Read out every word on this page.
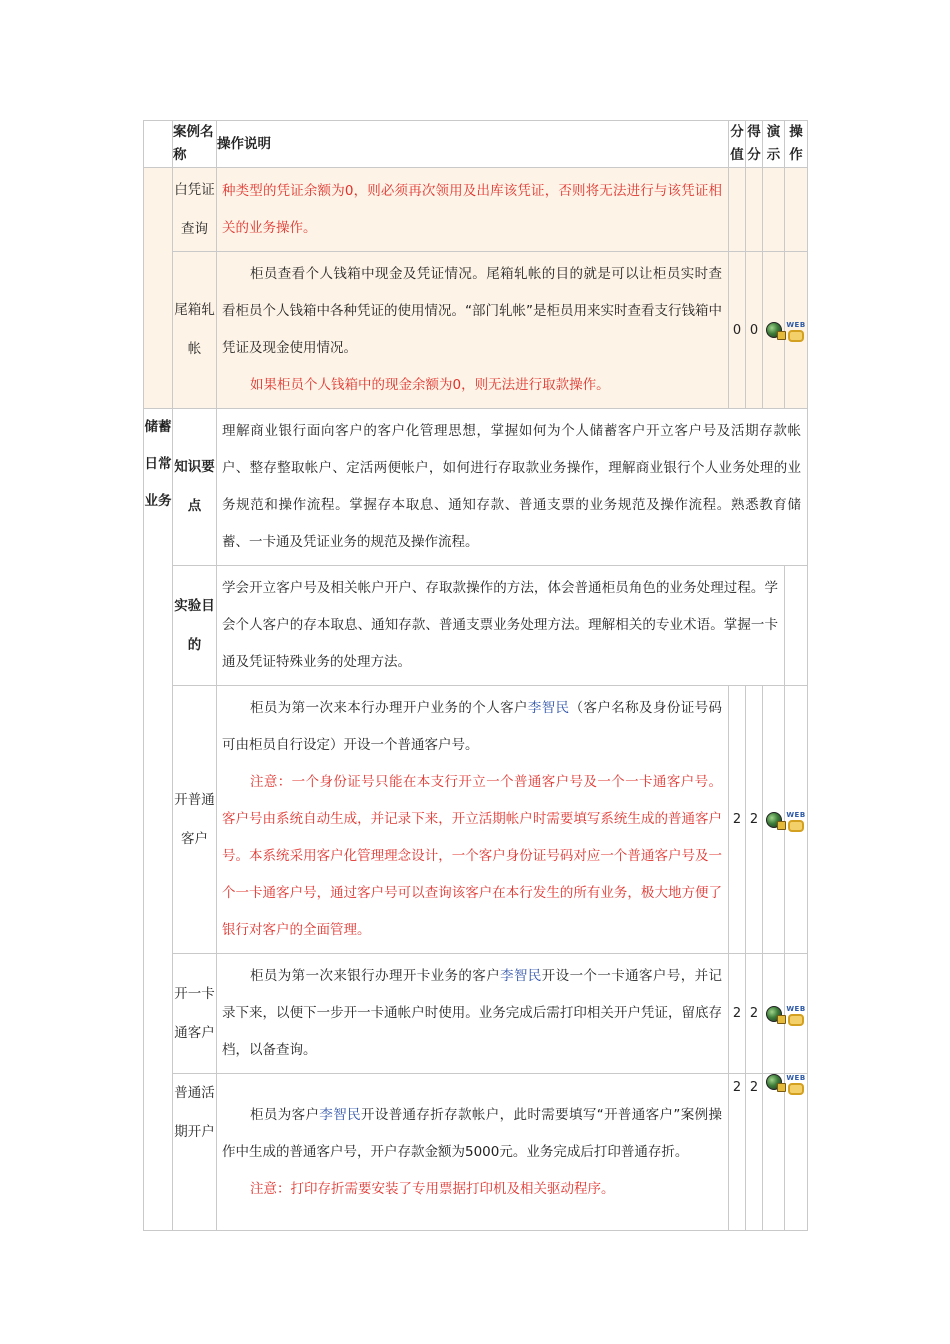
	案例名称	操作说明	分值	得分	演示	操作
	白凭证查询	种类型的凭证余额为0，则必须再次领用及出库该凭证，否则将无法进行与该凭证相关的业务操作。				

	尾箱轧帐	柜员查看个人钱箱中现金及凭证情况。尾箱轧帐的目的就是可以让柜员实时查看柜员个人钱箱中各种凭证的使用情况。“部门轧帐”是柜员用来实时查看支行钱箱中凭证及现金使用情况。

如果柜员个人钱箱中的现金余额为0，则无法进行取款操作。	0	0		WEB

储蓄日常业务	知识要点	理解商业银行面向客户的客户化管理思想，掌握如何为个人储蓄客户开立客户号及活期存款帐户、整存整取帐户、定活两便帐户，如何进行存取款业务操作，理解商业银行个人业务处理的业务规范和操作流程。掌握存本取息、通知存款、普通支票的业务规范及操作流程。熟悉教育储蓄、一卡通及凭证业务的规范及操作流程。				

	实验目的	学会开立客户号及相关帐户开户、存取款操作的方法，体会普通柜员角色的业务处理过程。学会个人客户的存本取息、通知存款、普通支票业务处理方法。理解相关的专业术语。掌握一卡通及凭证特殊业务的处理方法。				

	开普通客户	柜员为第一次来本行办理开户业务的个人客户李智民（客户名称及身份证号码可由柜员自行设定）开设一个普通客户号。

注意：一个身份证号只能在本支行开立一个普通客户号及一个一卡通客户号。客户号由系统自动生成，并记录下来，开立活期帐户时需要填写系统生成的普通客户号。本系统采用客户化管理理念设计，一个客户身份证号码对应一个普通客户号及一个一卡通客户号，通过客户号可以查询该客户在本行发生的所有业务，极大地方便了银行对客户的全面管理。	2	2		WEB

	开一卡通客户	柜员为第一次来银行办理开卡业务的客户李智民开设一个一卡通客户号，并记录下来，以便下一步开一卡通帐户时使用。业务完成后需打印相关开户凭证，留底存档，以备查询。	2	2		WEB

	普通活期开户	柜员为客户李智民开设普通存折存款帐户，此时需要填写“开普通客户”案例操作中生成的普通客户号，开户存款金额为5000元。业务完成后打印普通存折。

注意：打印存折需要安装了专用票据打印机及相关驱动程序。	2	2		WEB
